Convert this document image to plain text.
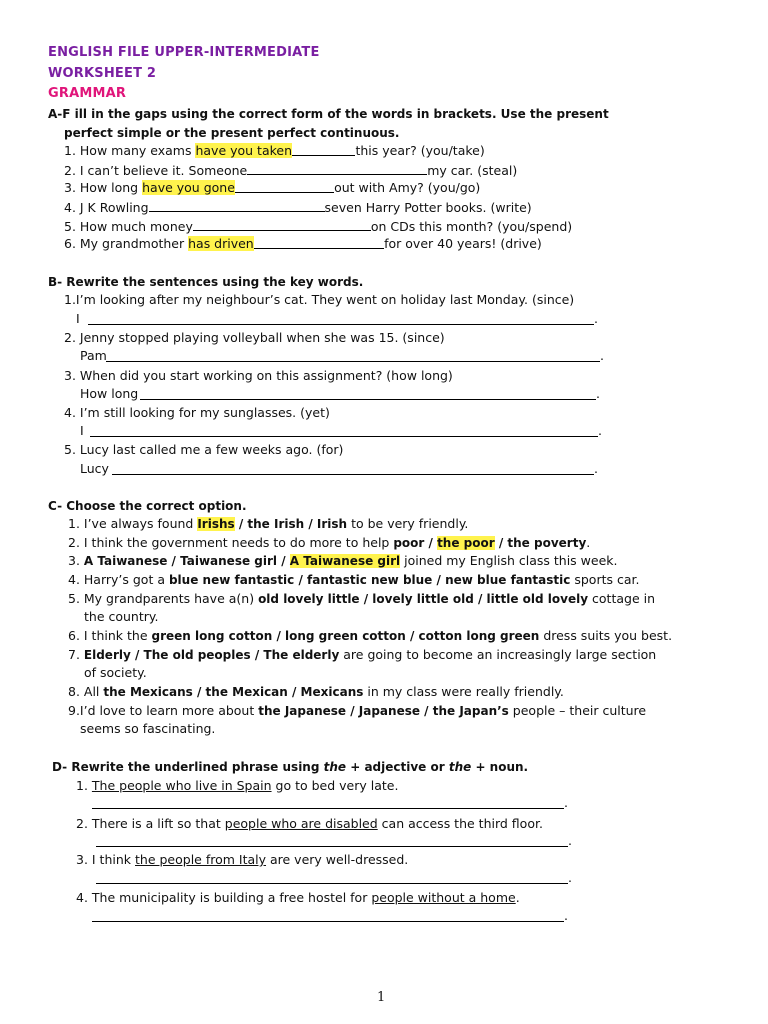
ENGLISH FILE UPPER-INTERMEDIATE
WORKSHEET 2
GRAMMAR
A-F ill in the gaps using the correct form of the words in brackets. Use the present
perfect simple or the present perfect continuous.
1. How many exams have you taken	this year? (you/take)
2. I can’t believe it. Someone	my car. (steal)
3. How long have you gone	out with Amy? (you/go)
4. J K Rowling	seven Harry Potter books. (write)
5. How much money	on CDs this month? (you/spend)
6. My grandmother has driven	for over 40 years! (drive)
B- Rewrite the sentences using the key words.
1.I’m looking after my neighbour’s cat. They went on holiday last Monday. (since)
I	.
2. Jenny stopped playing volleyball when she was 15. (since)
Pam	.
3. When did you start working on this assignment? (how long)
How long	.
4. I’m still looking for my sunglasses. (yet)
I	.
5. Lucy last called me a few weeks ago. (for)
Lucy	.
C- Choose the correct option.
1. I’ve always found Irishs / the Irish / Irish to be very friendly.
2. I think the government needs to do more to help poor / the poor / the poverty.
3. A Taiwanese / Taiwanese girl / A Taiwanese girl joined my English class this week.
4. Harry’s got a blue new fantastic / fantastic new blue / new blue fantastic sports car.
5. My grandparents have a(n) old lovely little / lovely little old / little old lovely cottage in
the country.
6. I think the green long cotton / long green cotton / cotton long green dress suits you best.
7. Elderly / The old peoples / The elderly are going to become an increasingly large section
of society.
8. All the Mexicans / the Mexican / Mexicans in my class were really friendly.
9.I’d love to learn more about the Japanese / Japanese / the Japan’s people – their culture
seems so fascinating.
D- Rewrite the underlined phrase using the + adjective or the + noun.
1. The people who live in Spain go to bed very late.
.
2. There is a lift so that people who are disabled can access the third floor.
.
3. I think the people from Italy are very well-dressed.
.
4. The municipality is building a free hostel for people without a home.
.
1
